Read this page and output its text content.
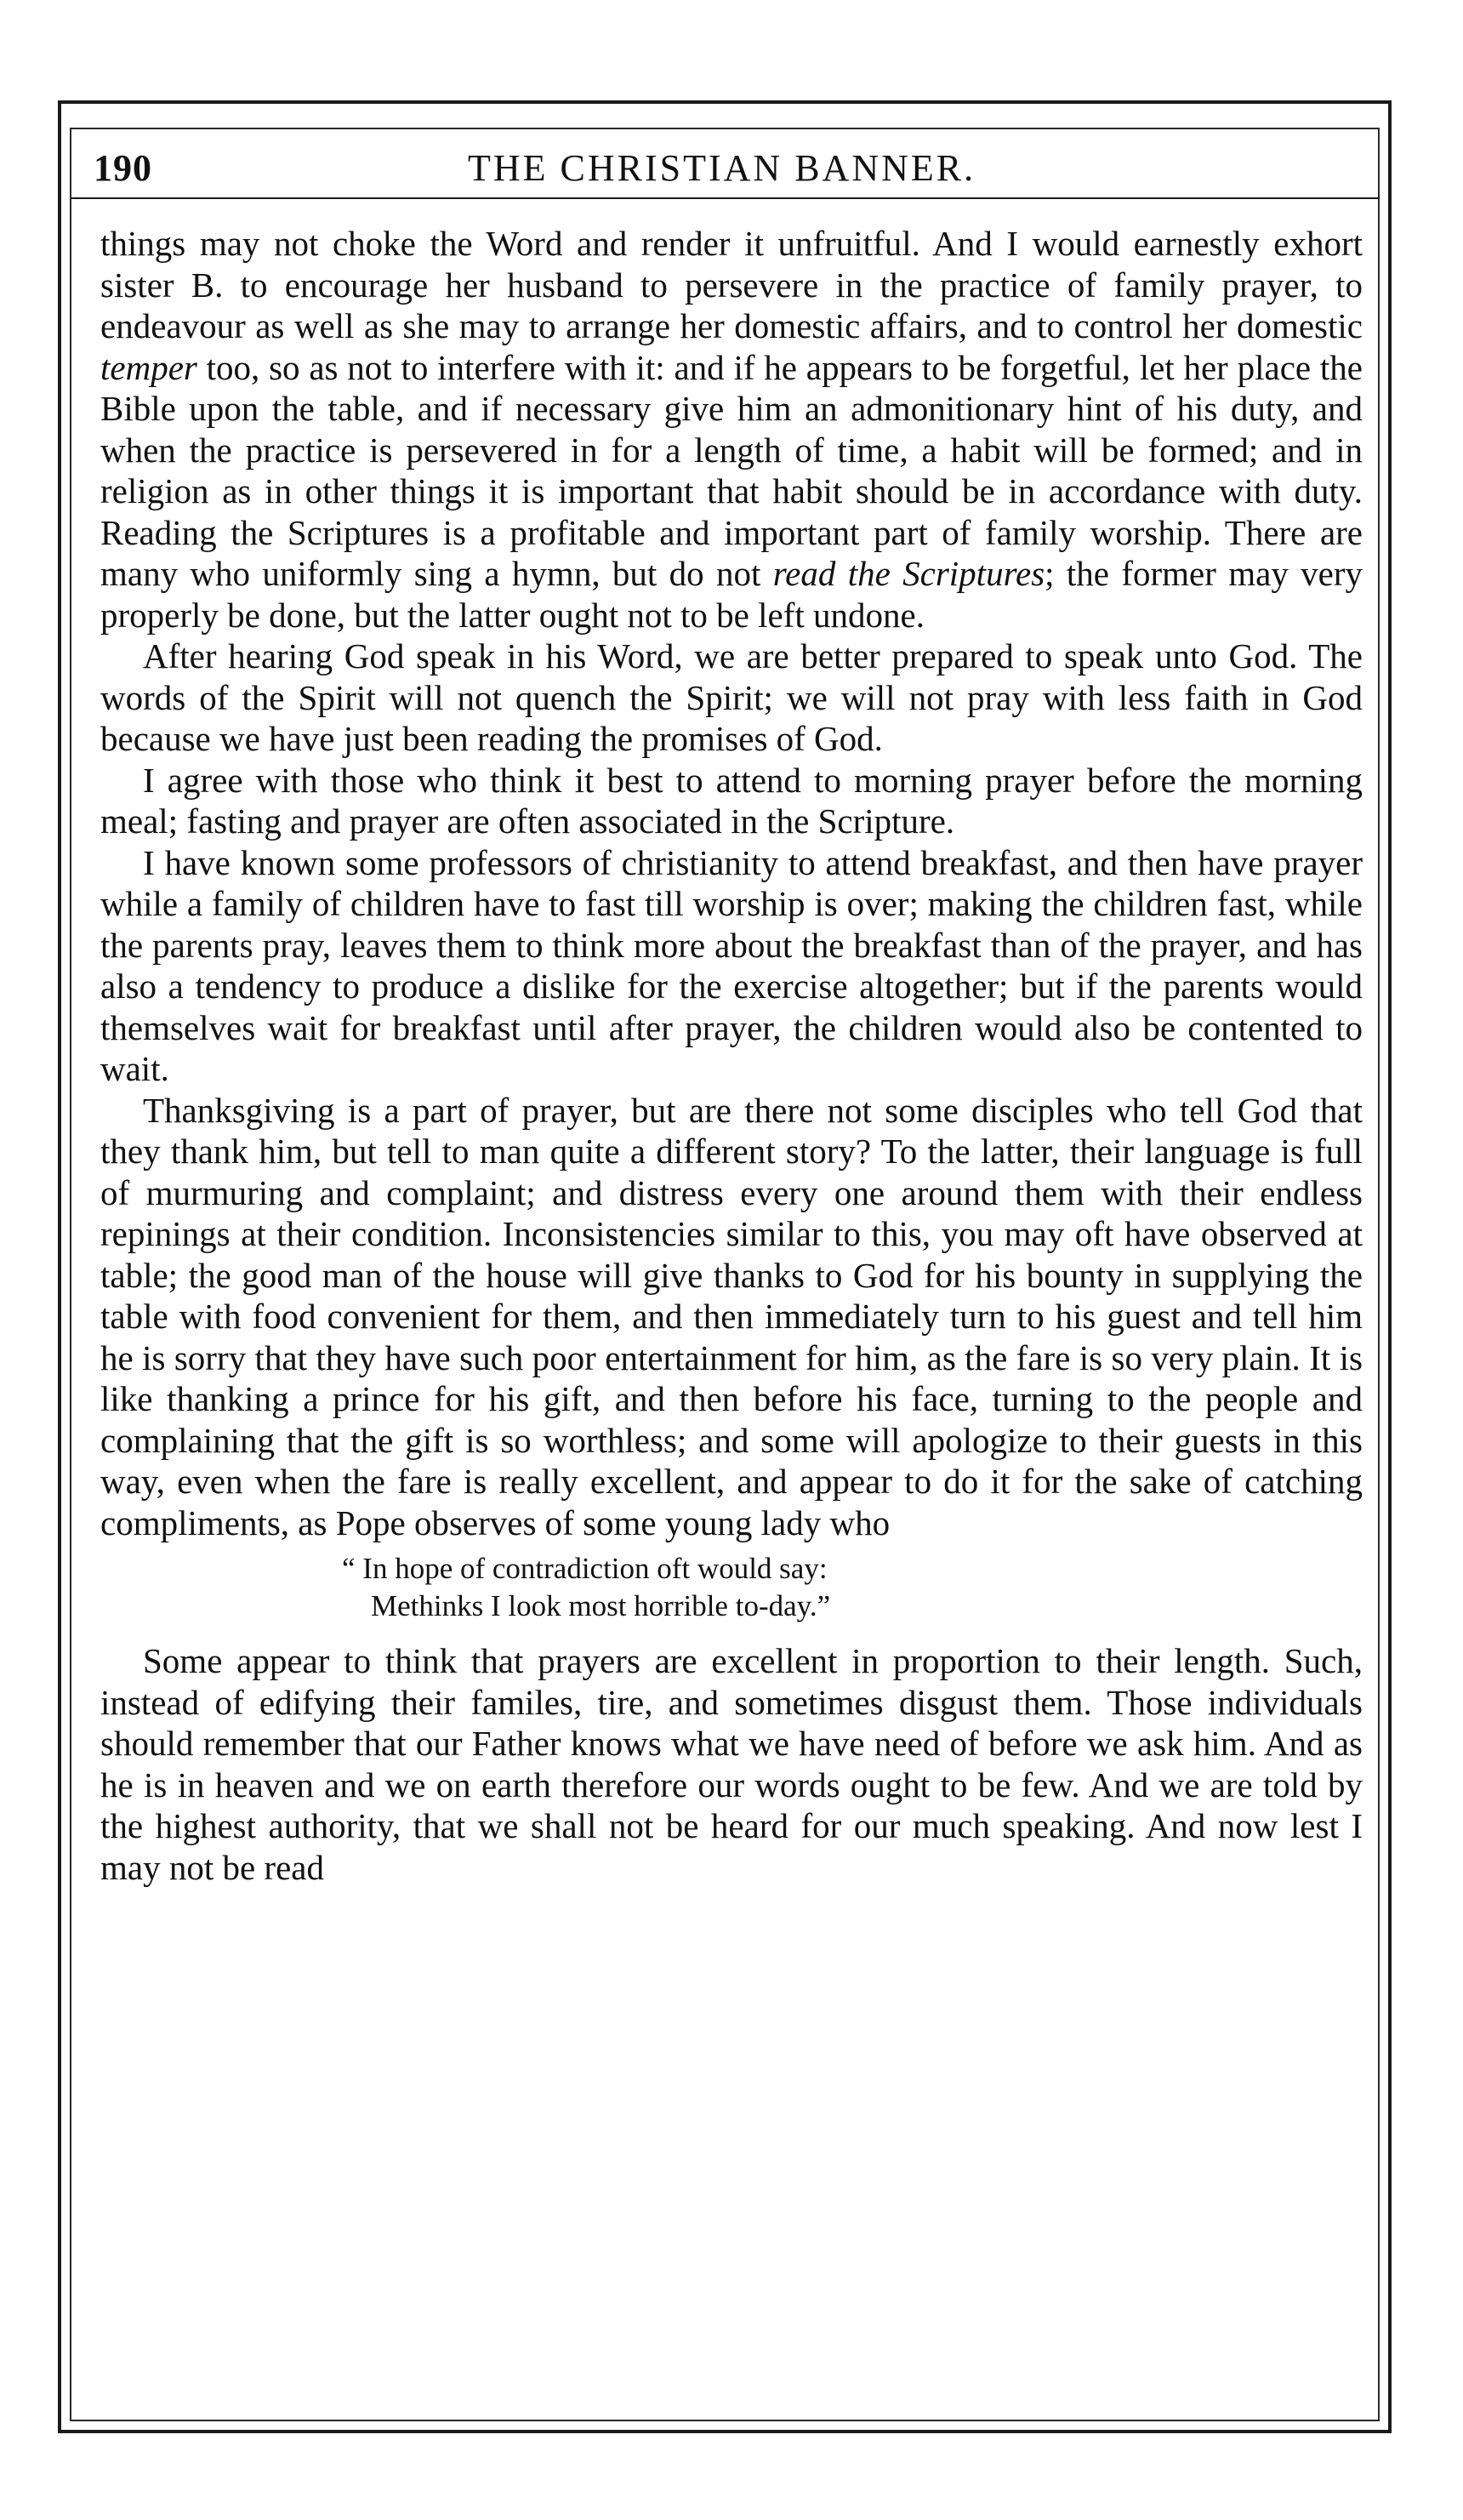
190	THE CHRISTIAN BANNER.

things may not choke the Word and render it unfruitful. And I would earnestly exhort sister B. to encourage her husband to persevere in the practice of family prayer, to endeavour as well as she may to arrange her domestic affairs, and to control her domestic temper too, so as not to interfere with it: and if he appears to be forgetful, let her place the Bible upon the table, and if necessary give him an admonitionary hint of his duty, and when the practice is persevered in for a length of time, a habit will be formed; and in religion as in other things it is important that habit should be in accordance with duty. Reading the Scriptures is a profitable and important part of family worship. There are many who uniformly sing a hymn, but do not read the Scriptures; the former may very properly be done, but the latter ought not to be left undone.

After hearing God speak in his Word, we are better prepared to speak unto God. The words of the Spirit will not quench the Spirit; we will not pray with less faith in God because we have just been reading the promises of God.

I agree with those who think it best to attend to morning prayer before the morning meal; fasting and prayer are often associated in the Scripture.

I have known some professors of christianity to attend breakfast, and then have prayer while a family of children have to fast till worship is over; making the children fast, while the parents pray, leaves them to think more about the breakfast than of the prayer, and has also a tendency to produce a dislike for the exercise altogether; but if the parents would themselves wait for breakfast until after prayer, the children would also be contented to wait.

Thanksgiving is a part of prayer, but are there not some disciples who tell God that they thank him, but tell to man quite a different story? To the latter, their language is full of murmuring and complaint; and distress every one around them with their endless repinings at their condition. Inconsistencies similar to this, you may oft have observed at table; the good man of the house will give thanks to God for his bounty in supplying the table with food convenient for them, and then immediately turn to his guest and tell him he is sorry that they have such poor entertainment for him, as the fare is so very plain. It is like thanking a prince for his gift, and then before his face, turning to the people and complaining that the gift is so worthless; and some will apologize to their guests in this way, even when the fare is really excellent, and appear to do it for the sake of catching compliments, as Pope observes of some young lady who

“ In hope of contradiction oft would say:
Methinks I look most horrible to-day.”

Some appear to think that prayers are excellent in proportion to their length. Such, instead of edifying their familes, tire, and sometimes disgust them. Those individuals should remember that our Father knows what we have need of before we ask him. And as he is in heaven and we on earth therefore our words ought to be few. And we are told by the highest authority, that we shall not be heard for our much speaking. And now lest I may not be read
